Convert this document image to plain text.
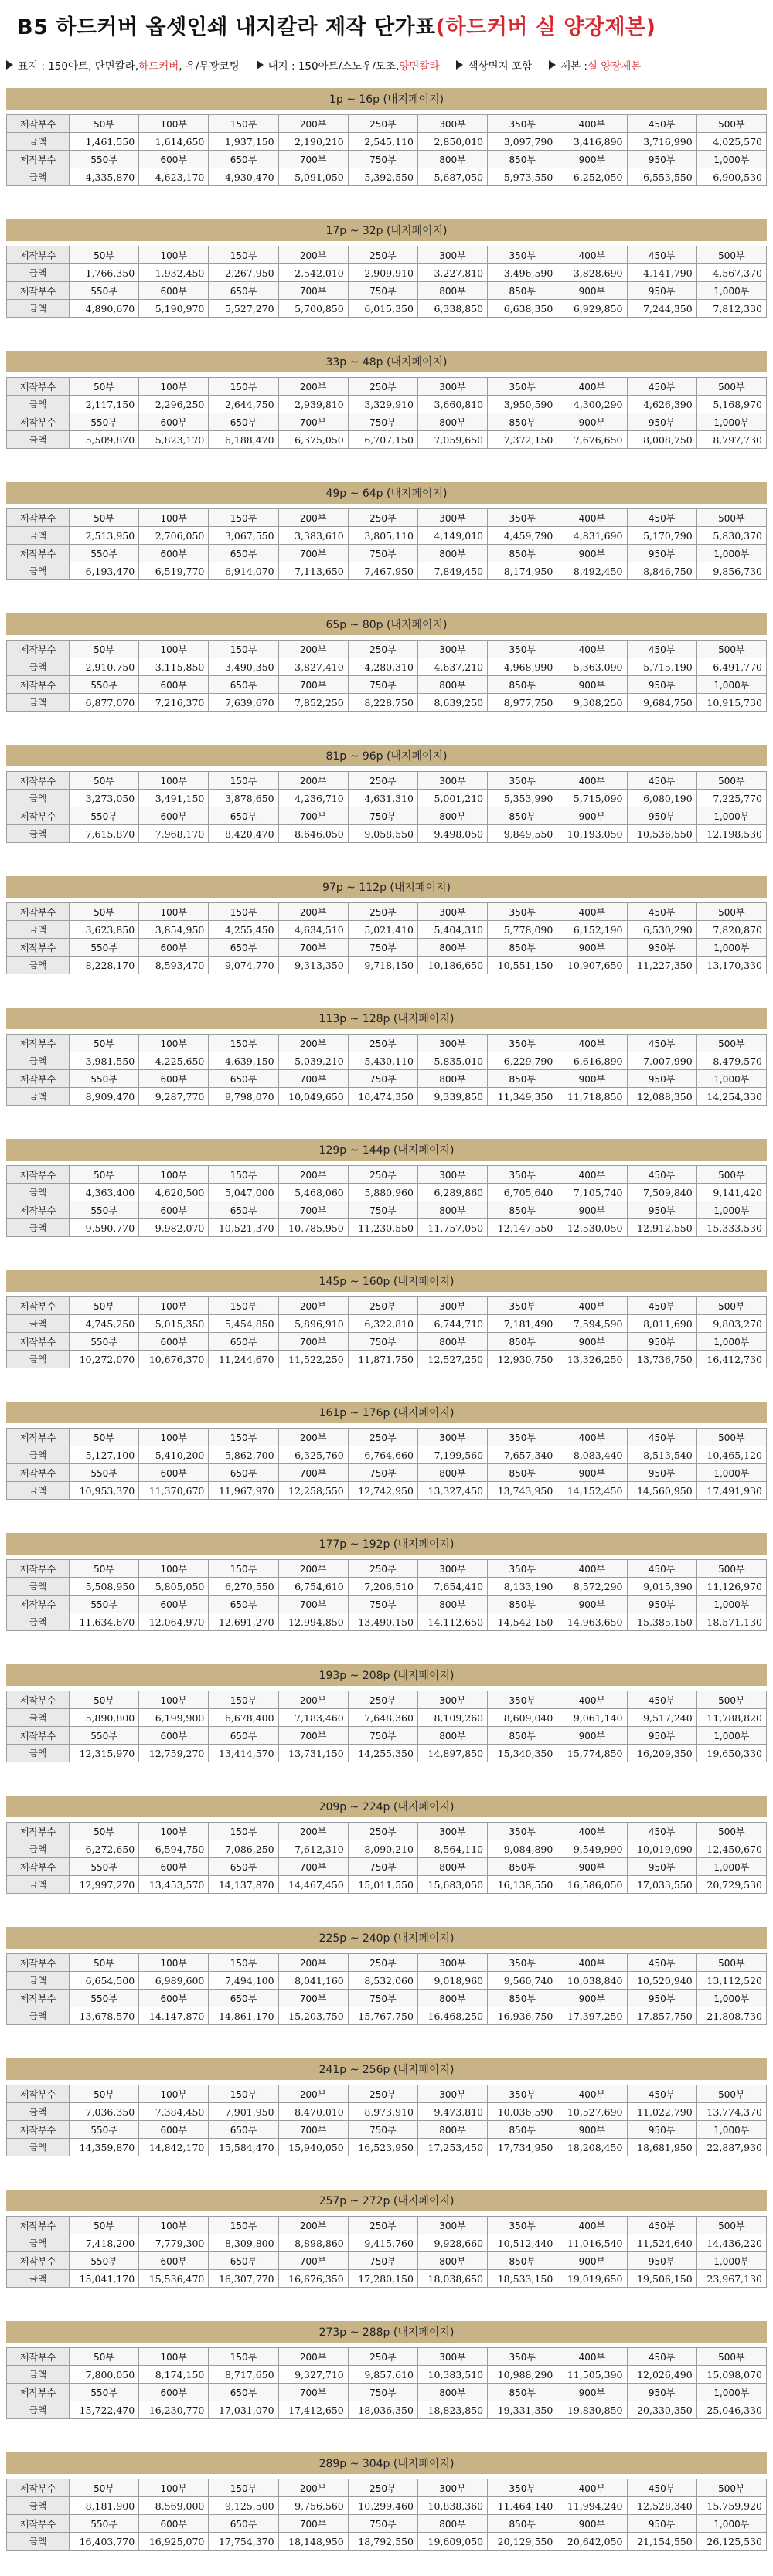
B5 하드커버 옵셋인쇄 내지칼라 제작 단가표 (하드커버 실 양장제본)
표지 : 150아트, 단면칼라, 하드커버 , 유/무광코팅	내지 : 150아트/스노우/모조, 양면칼라	색상면지 포함	제본 : 실 양장제본
1p ~ 16p (내지페이지)
제작부수	50부	100부	150부	200부	250부	300부	350부	400부	450부	500부
금액	1,461,550	1,614,650	1,937,150	2,190,210	2,545,110	2,850,010	3,097,790	3,416,890	3,716,990	4,025,570
제작부수	550부	600부	650부	700부	750부	800부	850부	900부	950부	1,000부
금액	4,335,870	4,623,170	4,930,470	5,091,050	5,392,550	5,687,050	5,973,550	6,252,050	6,553,550	6,900,530
17p ~ 32p (내지페이지)
제작부수	50부	100부	150부	200부	250부	300부	350부	400부	450부	500부
금액	1,766,350	1,932,450	2,267,950	2,542,010	2,909,910	3,227,810	3,496,590	3,828,690	4,141,790	4,567,370
제작부수	550부	600부	650부	700부	750부	800부	850부	900부	950부	1,000부
금액	4,890,670	5,190,970	5,527,270	5,700,850	6,015,350	6,338,850	6,638,350	6,929,850	7,244,350	7,812,330
33p ~ 48p (내지페이지)
제작부수	50부	100부	150부	200부	250부	300부	350부	400부	450부	500부
금액	2,117,150	2,296,250	2,644,750	2,939,810	3,329,910	3,660,810	3,950,590	4,300,290	4,626,390	5,168,970
제작부수	550부	600부	650부	700부	750부	800부	850부	900부	950부	1,000부
금액	5,509,870	5,823,170	6,188,470	6,375,050	6,707,150	7,059,650	7,372,150	7,676,650	8,008,750	8,797,730
49p ~ 64p (내지페이지)
제작부수	50부	100부	150부	200부	250부	300부	350부	400부	450부	500부
금액	2,513,950	2,706,050	3,067,550	3,383,610	3,805,110	4,149,010	4,459,790	4,831,690	5,170,790	5,830,370
제작부수	550부	600부	650부	700부	750부	800부	850부	900부	950부	1,000부
금액	6,193,470	6,519,770	6,914,070	7,113,650	7,467,950	7,849,450	8,174,950	8,492,450	8,846,750	9,856,730
65p ~ 80p (내지페이지)
제작부수	50부	100부	150부	200부	250부	300부	350부	400부	450부	500부
금액	2,910,750	3,115,850	3,490,350	3,827,410	4,280,310	4,637,210	4,968,990	5,363,090	5,715,190	6,491,770
제작부수	550부	600부	650부	700부	750부	800부	850부	900부	950부	1,000부
금액	6,877,070	7,216,370	7,639,670	7,852,250	8,228,750	8,639,250	8,977,750	9,308,250	9,684,750	10,915,730
81p ~ 96p (내지페이지)
제작부수	50부	100부	150부	200부	250부	300부	350부	400부	450부	500부
금액	3,273,050	3,491,150	3,878,650	4,236,710	4,631,310	5,001,210	5,353,990	5,715,090	6,080,190	7,225,770
제작부수	550부	600부	650부	700부	750부	800부	850부	900부	950부	1,000부
금액	7,615,870	7,968,170	8,420,470	8,646,050	9,058,550	9,498,050	9,849,550	10,193,050	10,536,550	12,198,530
97p ~ 112p (내지페이지)
제작부수	50부	100부	150부	200부	250부	300부	350부	400부	450부	500부
금액	3,623,850	3,854,950	4,255,450	4,634,510	5,021,410	5,404,310	5,778,090	6,152,190	6,530,290	7,820,870
제작부수	550부	600부	650부	700부	750부	800부	850부	900부	950부	1,000부
금액	8,228,170	8,593,470	9,074,770	9,313,350	9,718,150	10,186,650	10,551,150	10,907,650	11,227,350	13,170,330
113p ~ 128p (내지페이지)
제작부수	50부	100부	150부	200부	250부	300부	350부	400부	450부	500부
금액	3,981,550	4,225,650	4,639,150	5,039,210	5,430,110	5,835,010	6,229,790	6,616,890	7,007,990	8,479,570
제작부수	550부	600부	650부	700부	750부	800부	850부	900부	950부	1,000부
금액	8,909,470	9,287,770	9,798,070	10,049,650	10,474,350	9,339,850	11,349,350	11,718,850	12,088,350	14,254,330
129p ~ 144p (내지페이지)
제작부수	50부	100부	150부	200부	250부	300부	350부	400부	450부	500부
금액	4,363,400	4,620,500	5,047,000	5,468,060	5,880,960	6,289,860	6,705,640	7,105,740	7,509,840	9,141,420
제작부수	550부	600부	650부	700부	750부	800부	850부	900부	950부	1,000부
금액	9,590,770	9,982,070	10,521,370	10,785,950	11,230,550	11,757,050	12,147,550	12,530,050	12,912,550	15,333,530
145p ~ 160p (내지페이지)
제작부수	50부	100부	150부	200부	250부	300부	350부	400부	450부	500부
금액	4,745,250	5,015,350	5,454,850	5,896,910	6,322,810	6,744,710	7,181,490	7,594,590	8,011,690	9,803,270
제작부수	550부	600부	650부	700부	750부	800부	850부	900부	950부	1,000부
금액	10,272,070	10,676,370	11,244,670	11,522,250	11,871,750	12,527,250	12,930,750	13,326,250	13,736,750	16,412,730
161p ~ 176p (내지페이지)
제작부수	50부	100부	150부	200부	250부	300부	350부	400부	450부	500부
금액	5,127,100	5,410,200	5,862,700	6,325,760	6,764,660	7,199,560	7,657,340	8,083,440	8,513,540	10,465,120
제작부수	550부	600부	650부	700부	750부	800부	850부	900부	950부	1,000부
금액	10,953,370	11,370,670	11,967,970	12,258,550	12,742,950	13,327,450	13,743,950	14,152,450	14,560,950	17,491,930
177p ~ 192p (내지페이지)
제작부수	50부	100부	150부	200부	250부	300부	350부	400부	450부	500부
금액	5,508,950	5,805,050	6,270,550	6,754,610	7,206,510	7,654,410	8,133,190	8,572,290	9,015,390	11,126,970
제작부수	550부	600부	650부	700부	750부	800부	850부	900부	950부	1,000부
금액	11,634,670	12,064,970	12,691,270	12,994,850	13,490,150	14,112,650	14,542,150	14,963,650	15,385,150	18,571,130
193p ~ 208p (내지페이지)
제작부수	50부	100부	150부	200부	250부	300부	350부	400부	450부	500부
금액	5,890,800	6,199,900	6,678,400	7,183,460	7,648,360	8,109,260	8,609,040	9,061,140	9,517,240	11,788,820
제작부수	550부	600부	650부	700부	750부	800부	850부	900부	950부	1,000부
금액	12,315,970	12,759,270	13,414,570	13,731,150	14,255,350	14,897,850	15,340,350	15,774,850	16,209,350	19,650,330
209p ~ 224p (내지페이지)
제작부수	50부	100부	150부	200부	250부	300부	350부	400부	450부	500부
금액	6,272,650	6,594,750	7,086,250	7,612,310	8,090,210	8,564,110	9,084,890	9,549,990	10,019,090	12,450,670
제작부수	550부	600부	650부	700부	750부	800부	850부	900부	950부	1,000부
금액	12,997,270	13,453,570	14,137,870	14,467,450	15,011,550	15,683,050	16,138,550	16,586,050	17,033,550	20,729,530
225p ~ 240p (내지페이지)
제작부수	50부	100부	150부	200부	250부	300부	350부	400부	450부	500부
금액	6,654,500	6,989,600	7,494,100	8,041,160	8,532,060	9,018,960	9,560,740	10,038,840	10,520,940	13,112,520
제작부수	550부	600부	650부	700부	750부	800부	850부	900부	950부	1,000부
금액	13,678,570	14,147,870	14,861,170	15,203,750	15,767,750	16,468,250	16,936,750	17,397,250	17,857,750	21,808,730
241p ~ 256p (내지페이지)
제작부수	50부	100부	150부	200부	250부	300부	350부	400부	450부	500부
금액	7,036,350	7,384,450	7,901,950	8,470,010	8,973,910	9,473,810	10,036,590	10,527,690	11,022,790	13,774,370
제작부수	550부	600부	650부	700부	750부	800부	850부	900부	950부	1,000부
금액	14,359,870	14,842,170	15,584,470	15,940,050	16,523,950	17,253,450	17,734,950	18,208,450	18,681,950	22,887,930
257p ~ 272p (내지페이지)
제작부수	50부	100부	150부	200부	250부	300부	350부	400부	450부	500부
금액	7,418,200	7,779,300	8,309,800	8,898,860	9,415,760	9,928,660	10,512,440	11,016,540	11,524,640	14,436,220
제작부수	550부	600부	650부	700부	750부	800부	850부	900부	950부	1,000부
금액	15,041,170	15,536,470	16,307,770	16,676,350	17,280,150	18,038,650	18,533,150	19,019,650	19,506,150	23,967,130
273p ~ 288p (내지페이지)
제작부수	50부	100부	150부	200부	250부	300부	350부	400부	450부	500부
금액	7,800,050	8,174,150	8,717,650	9,327,710	9,857,610	10,383,510	10,988,290	11,505,390	12,026,490	15,098,070
제작부수	550부	600부	650부	700부	750부	800부	850부	900부	950부	1,000부
금액	15,722,470	16,230,770	17,031,070	17,412,650	18,036,350	18,823,850	19,331,350	19,830,850	20,330,350	25,046,330
289p ~ 304p (내지페이지)
제작부수	50부	100부	150부	200부	250부	300부	350부	400부	450부	500부
금액	8,181,900	8,569,000	9,125,500	9,756,560	10,299,460	10,838,360	11,464,140	11,994,240	12,528,340	15,759,920
제작부수	550부	600부	650부	700부	750부	800부	850부	900부	950부	1,000부
금액	16,403,770	16,925,070	17,754,370	18,148,950	18,792,550	19,609,050	20,129,550	20,642,050	21,154,550	26,125,530
